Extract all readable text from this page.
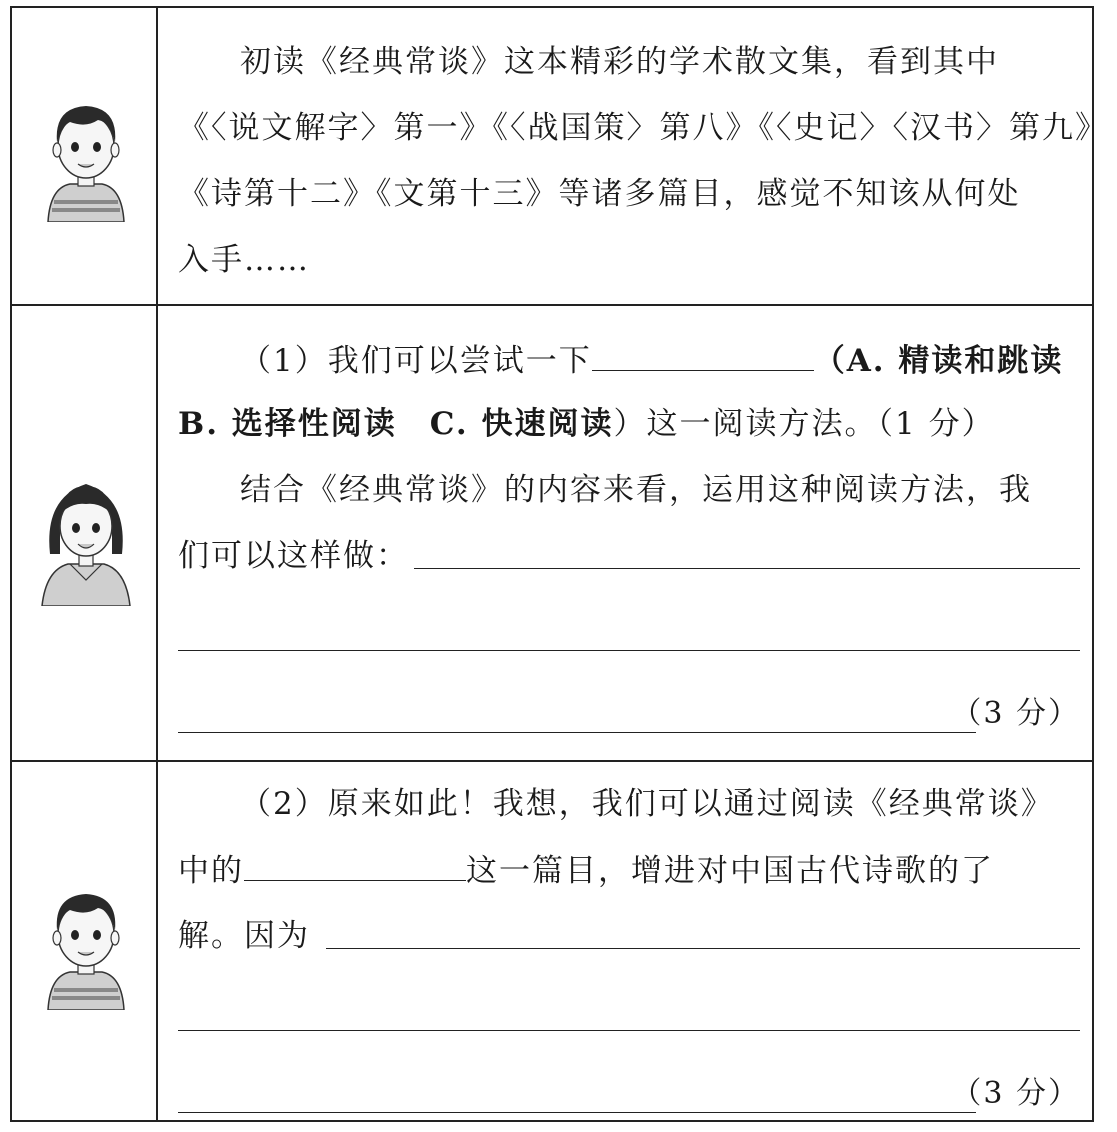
初读《经典常谈》这本精彩的学术散文集，看到其中
《〈说文解字〉第一》《〈战国策〉第八》《〈史记〉〈汉书〉第九》
《诗第十二》《文第十三》等诸多篇目，感觉不知该从何处
入手……
（1）我们可以尝试一下	（A. 精读和跳读
B. 选择性阅读　C. 快速阅读）这一阅读方法。（1 分）
结合《经典常谈》的内容来看，运用这种阅读方法，我
们可以这样做：
（3 分）
（2）原来如此！我想，我们可以通过阅读《经典常谈》
中的	这一篇目，增进对中国古代诗歌的了
解。因为
（3 分）
